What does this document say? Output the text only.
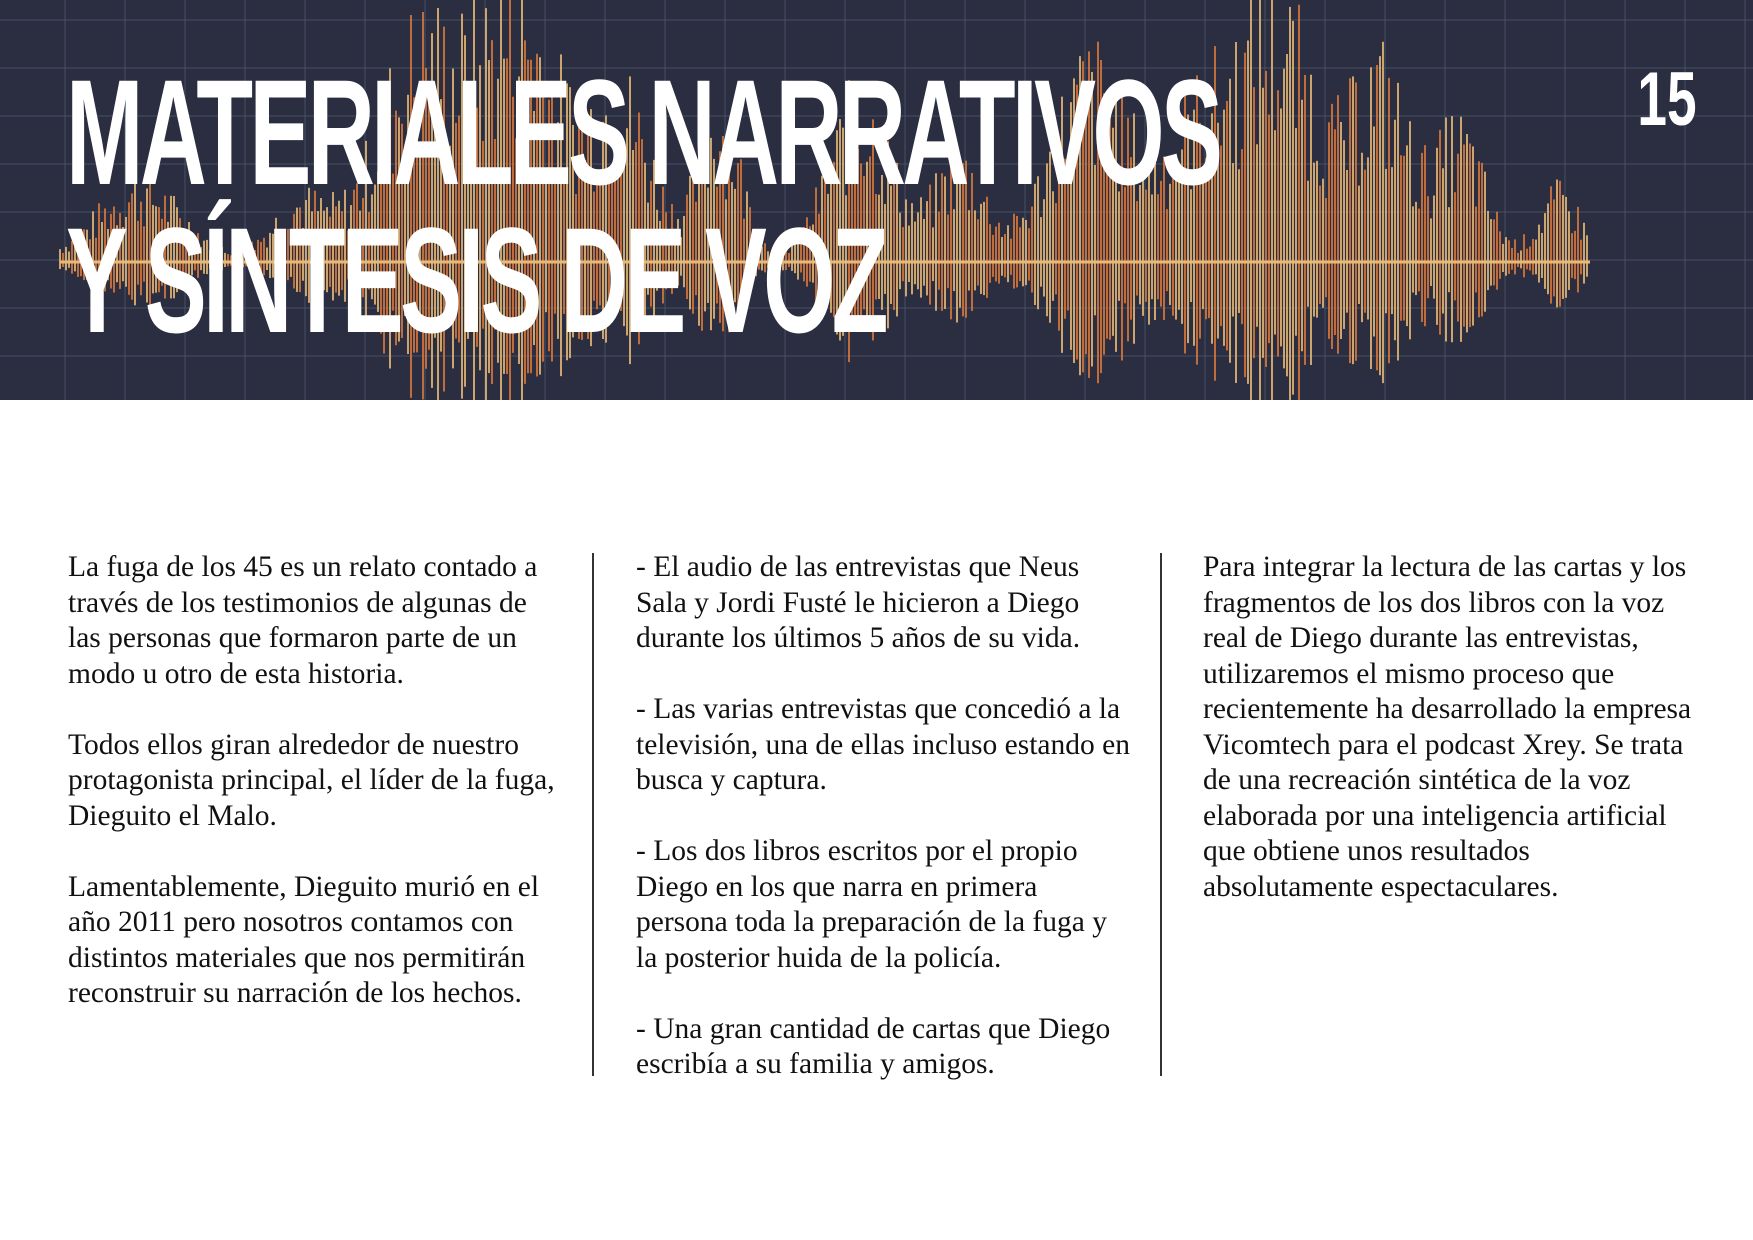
MATERIALES NARRATIVOS
Y SÍNTESIS DE VOZ
15

La fuga de los 45 es un relato contado a través de los testimonios de algunas de las personas que formaron parte de un modo u otro de esta historia.

Todos ellos giran alrededor de nuestro protagonista principal, el líder de la fuga, Dieguito el Malo.

Lamentablemente, Dieguito murió en el año 2011 pero nosotros contamos con distintos materiales que nos permitirán reconstruir su narración de los hechos.

- El audio de las entrevistas que Neus Sala y Jordi Fusté le hicieron a Diego durante los últimos 5 años de su vida.

- Las varias entrevistas que concedió a la televisión, una de ellas incluso estando en busca y captura.

- Los dos libros escritos por el propio Diego en los que narra en primera persona toda la preparación de la fuga y la posterior huida de la policía.

- Una gran cantidad de cartas que Diego escribía a su familia y amigos.

Para integrar la lectura de las cartas y los fragmentos de los dos libros con la voz real de Diego durante las entrevistas, utilizaremos el mismo proceso que recientemente ha desarrollado la empresa Vicomtech para el podcast Xrey. Se trata de una recreación sintética de la voz elaborada por una inteligencia artificial que obtiene unos resultados absolutamente espectaculares.
